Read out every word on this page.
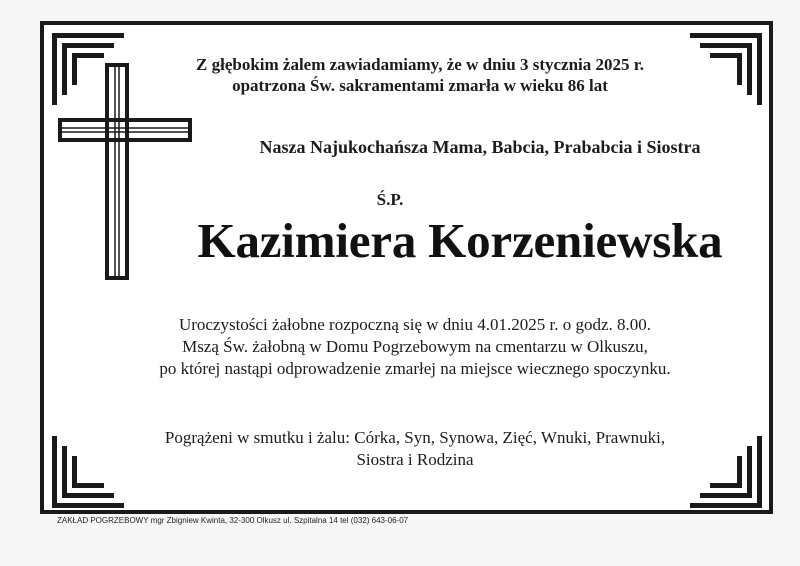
Z głębokim żalem zawiadamiamy, że w dniu 3 stycznia 2025 r.
opatrzona Św. sakramentami zmarła w wieku 86 lat
Nasza Najukochańsza Mama, Babcia, Prababcia i Siostra
Ś.P.
Kazimiera Korzeniewska
Uroczystości żałobne rozpoczną się w dniu 4.01.2025 r. o godz. 8.00.
Mszą Św. żałobną w Domu Pogrzebowym na cmentarzu w Olkuszu,
po której nastąpi odprowadzenie zmarłej na miejsce wiecznego spoczynku.
Pogrążeni w smutku i żalu: Córka, Syn, Synowa, Zięć, Wnuki, Prawnuki,
Siostra i Rodzina
ZAKŁAD POGRZEBOWY mgr Zbigniew Kwinta, 32-300 Olkusz ul. Szpitalna 14 tel (032) 643-06-07
